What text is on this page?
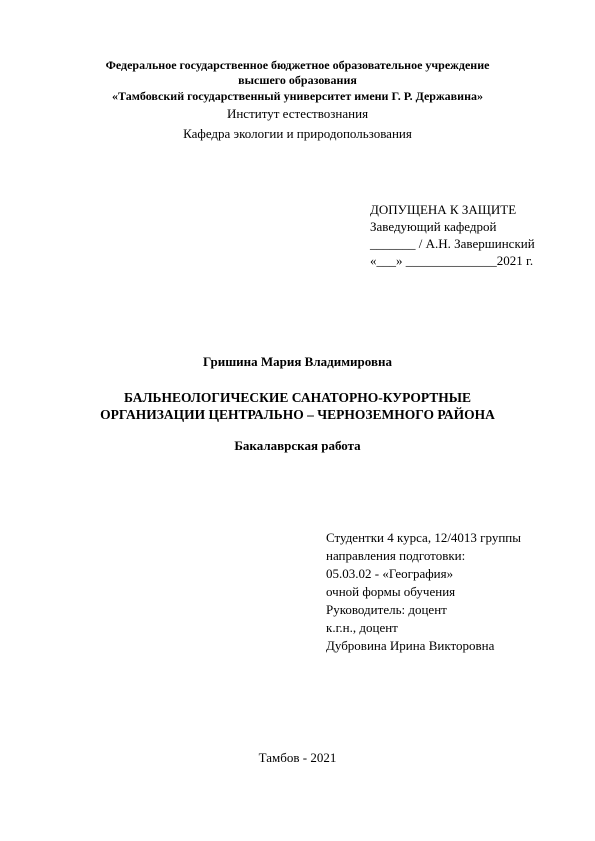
Федеральное государственное бюджетное образовательное учреждение
высшего образования
«Тамбовский государственный университет имени Г. Р. Державина»
Институт естествознания
Кафедра экологии и природопользования
ДОПУЩЕНА К ЗАЩИТЕ
Заведующий кафедрой
_______ / А.Н. Завершинский
«___» ______________2021 г.
Гришина Мария Владимировна
БАЛЬНЕОЛОГИЧЕСКИЕ САНАТОРНО-КУРОРТНЫЕ
ОРГАНИЗАЦИИ ЦЕНТРАЛЬНО – ЧЕРНОЗЕМНОГО РАЙОНА
Бакалаврская работа
Студентки 4 курса, 12/4013 группы
направления подготовки:
05.03.02 - «География»
очной формы обучения
Руководитель: доцент
к.г.н., доцент
Дубровина Ирина Викторовна
Тамбов - 2021
